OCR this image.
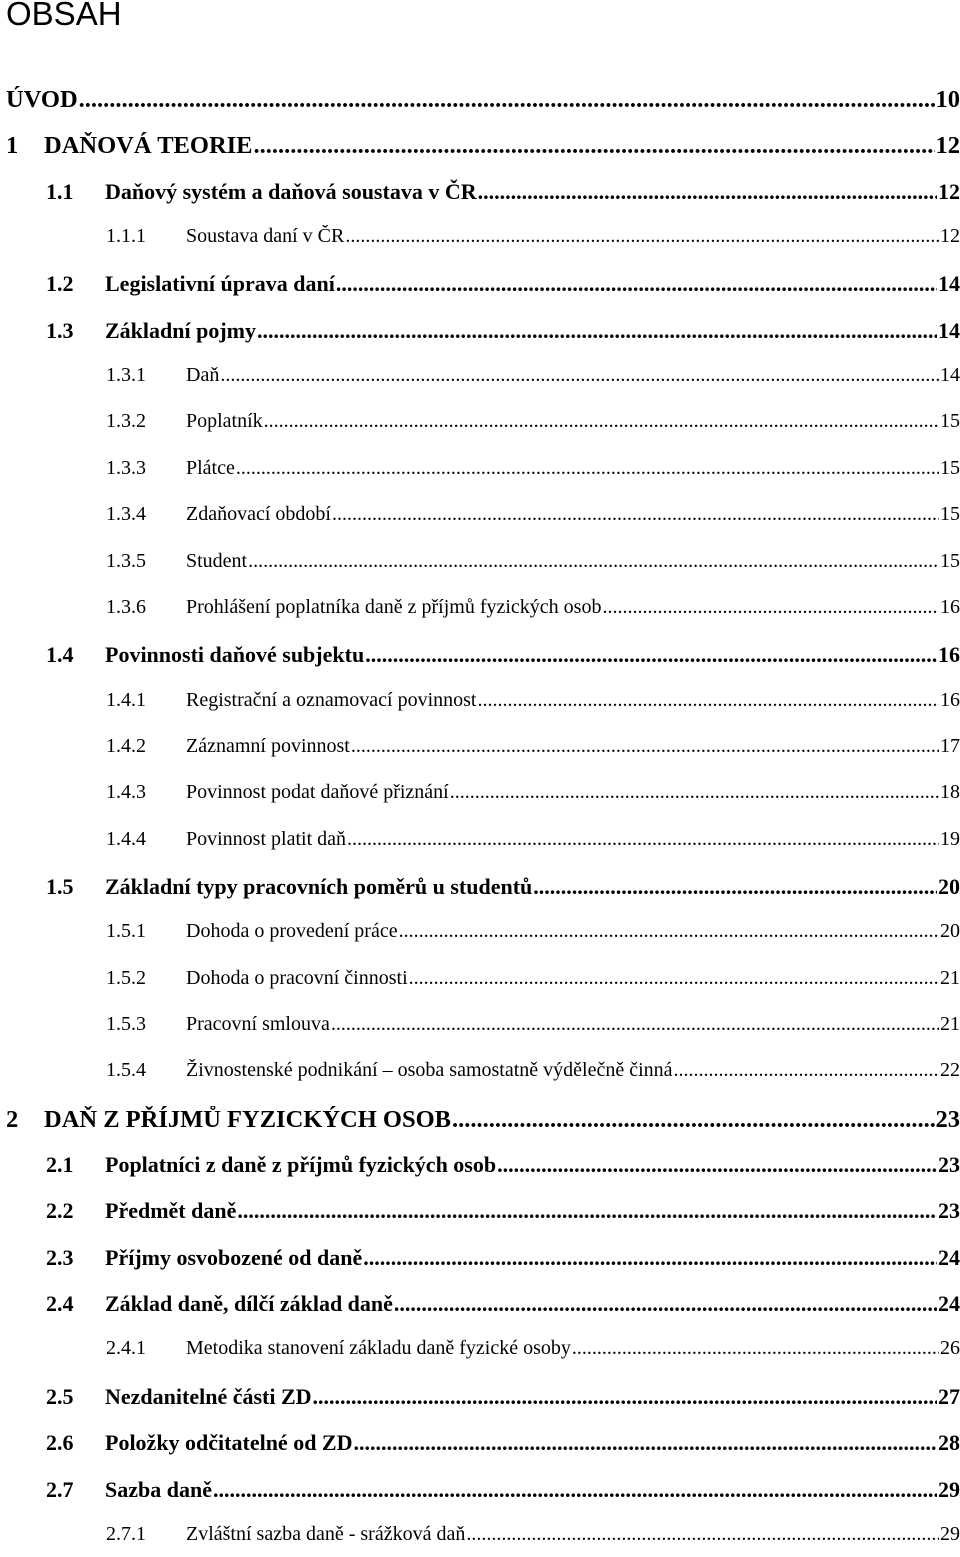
OBSAH
ÚVOD .....	10
1	DAŇOVÁ TEORIE .....	12
1.1	Daňový systém a daňová soustava v ČR .....	12
1.1.1	Soustava daní v ČR .....	12
1.2	Legislativní úprava daní .....	14
1.3	Základní pojmy .....	14
1.3.1	Daň .....	14
1.3.2	Poplatník .....	15
1.3.3	Plátce .....	15
1.3.4	Zdaňovací období .....	15
1.3.5	Student .....	15
1.3.6	Prohlášení poplatníka daně z příjmů fyzických osob .....	16
1.4	Povinnosti daňové subjektu .....	16
1.4.1	Registrační a oznamovací povinnost .....	16
1.4.2	Záznamní povinnost .....	17
1.4.3	Povinnost podat daňové přiznání .....	18
1.4.4	Povinnost platit daň .....	19
1.5	Základní typy pracovních poměrů u studentů .....	20
1.5.1	Dohoda o provedení práce .....	20
1.5.2	Dohoda o pracovní činnosti .....	21
1.5.3	Pracovní smlouva .....	21
1.5.4	Živnostenské podnikání – osoba samostatně výdělečně činná .....	22
2	DAŇ Z PŘÍJMŮ FYZICKÝCH OSOB .....	23
2.1	Poplatníci z daně z příjmů fyzických osob .....	23
2.2	Předmět daně .....	23
2.3	Příjmy osvobozené od daně .....	24
2.4	Základ daně, dílčí základ daně .....	24
2.4.1	Metodika stanovení základu daně fyzické osoby .....	26
2.5	Nezdanitelné části ZD .....	27
2.6	Položky odčitatelné od ZD .....	28
2.7	Sazba daně .....	29
2.7.1	Zvláštní sazba daně - srážková daň .....	29
